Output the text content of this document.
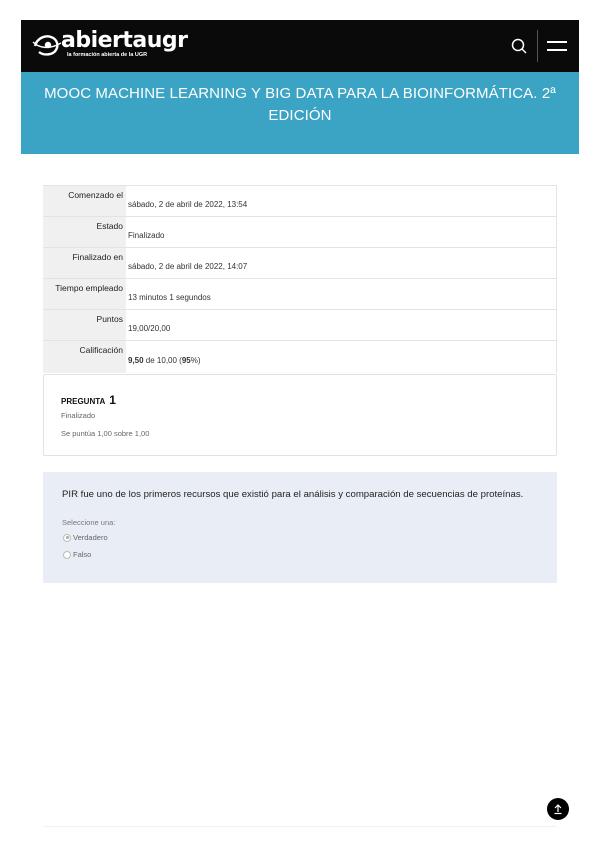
abiertaugr
la formación abierta de la UGR
MOOC MACHINE LEARNING Y BIG DATA PARA LA BIOINFORMÁTICA. 2ª EDICIÓN
Comenzado el	sábado, 2 de abril de 2022, 13:54
Estado	Finalizado
Finalizado en	sábado, 2 de abril de 2022, 14:07
Tiempo empleado	13 minutos 1 segundos
Puntos	19,00/20,00
Calificación	9,50 de 10,00 (95%)
PREGUNTA 1
Finalizado
Se puntúa 1,00 sobre 1,00
PIR fue uno de los primeros recursos que existió para el análisis y comparación de secuencias de proteínas.
Seleccione una:
Verdadero
Falso
